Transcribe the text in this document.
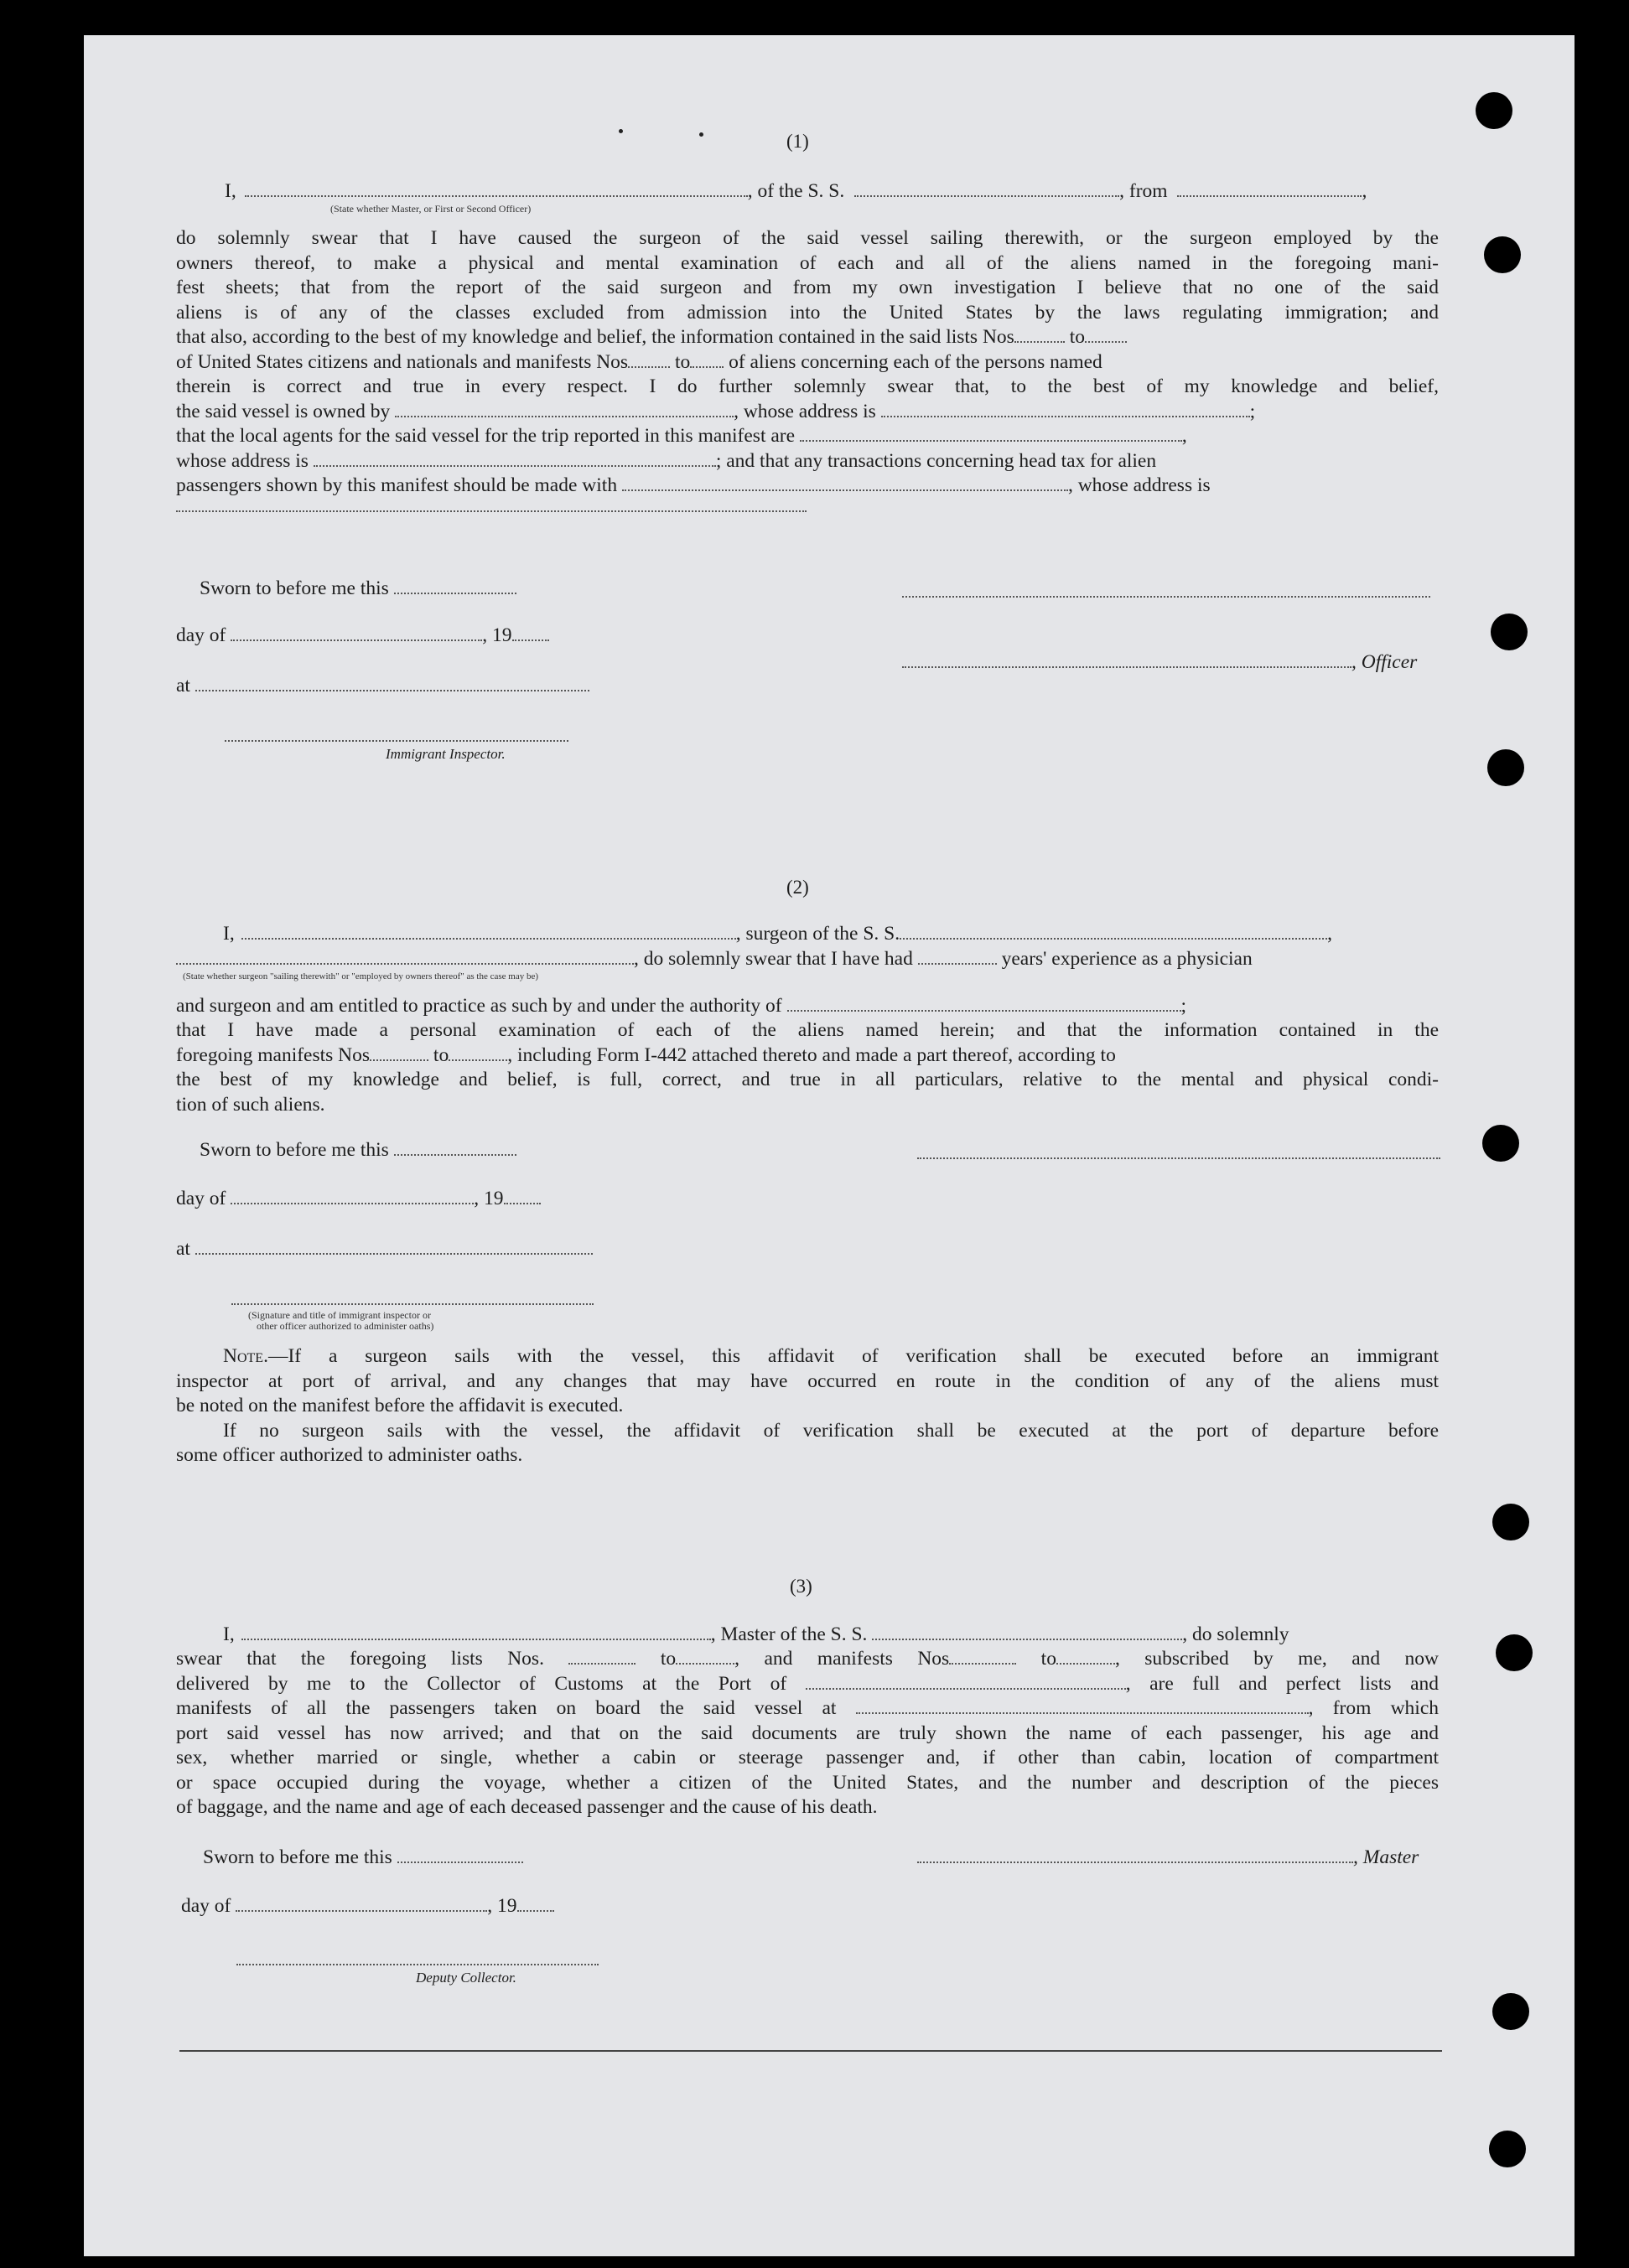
(1)
I,	, of the S. S.	, from	,
(State whether Master, or First or Second Officer)
do solemnly swear that I have caused the surgeon of the said vessel sailing therewith, or the surgeon employed by the
owners thereof, to make a physical and mental examination of each and all of the aliens named in the foregoing mani-
fest sheets; that from the report of the said surgeon and from my own investigation I believe that no one of the said
aliens is of any of the classes excluded from admission into the United States by the laws regulating immigration; and
that also, according to the best of my knowledge and belief, the information contained in the said lists Nos	to
of United States citizens and nationals and manifests Nos to of aliens concerning each of the persons named
therein is correct and true in every respect. I do further solemnly swear that, to the best of my knowledge and belief,
the said vessel is owned by	, whose address is	;
that the local agents for the said vessel for the trip reported in this manifest are	,
whose address is	; and that any transactions concerning head tax for alien
passengers shown by this manifest should be made with	, whose address is
Sworn to before me this
day of	, 19
, Officer
at
Immigrant Inspector.
(2)
I,	, surgeon of the S. S.	,
, do solemnly swear that I have had	years' experience as a physician
(State whether surgeon "sailing therewith" or "employed by owners thereof" as the case may be)
and surgeon and am entitled to practice as such by and under the authority of	;
that I have made a personal examination of each of the aliens named herein; and that the information contained in the
foregoing manifests Nos	to	, including Form I-442 attached thereto and made a part thereof, according to
the best of my knowledge and belief, is full, correct, and true in all particulars, relative to the mental and physical condi-
tion of such aliens.
Sworn to before me this
day of	, 19
at
(Signature and title of immigrant inspector or
other officer authorized to administer oaths)
Note.—If a surgeon sails with the vessel, this affidavit of verification shall be executed before an immigrant
inspector at port of arrival, and any changes that may have occurred en route in the condition of any of the aliens must
be noted on the manifest before the affidavit is executed.
If no surgeon sails with the vessel, the affidavit of verification shall be executed at the port of departure before
some officer authorized to administer oaths.
(3)
I,	, Master of the S. S.	, do solemnly
swear that the foregoing lists Nos.	to	, and manifests Nos	to	, subscribed by me, and now
delivered by me to the Collector of Customs at the Port of	, are full and perfect lists and
manifests of all the passengers taken on board the said vessel at	, from which
port said vessel has now arrived; and that on the said documents are truly shown the name of each passenger, his age and
sex, whether married or single, whether a cabin or steerage passenger and, if other than cabin, location of compartment
or space occupied during the voyage, whether a citizen of the United States, and the number and description of the pieces
of baggage, and the name and age of each deceased passenger and the cause of his death.
Sworn to before me this	, Master
day of	, 19
Deputy Collector.
